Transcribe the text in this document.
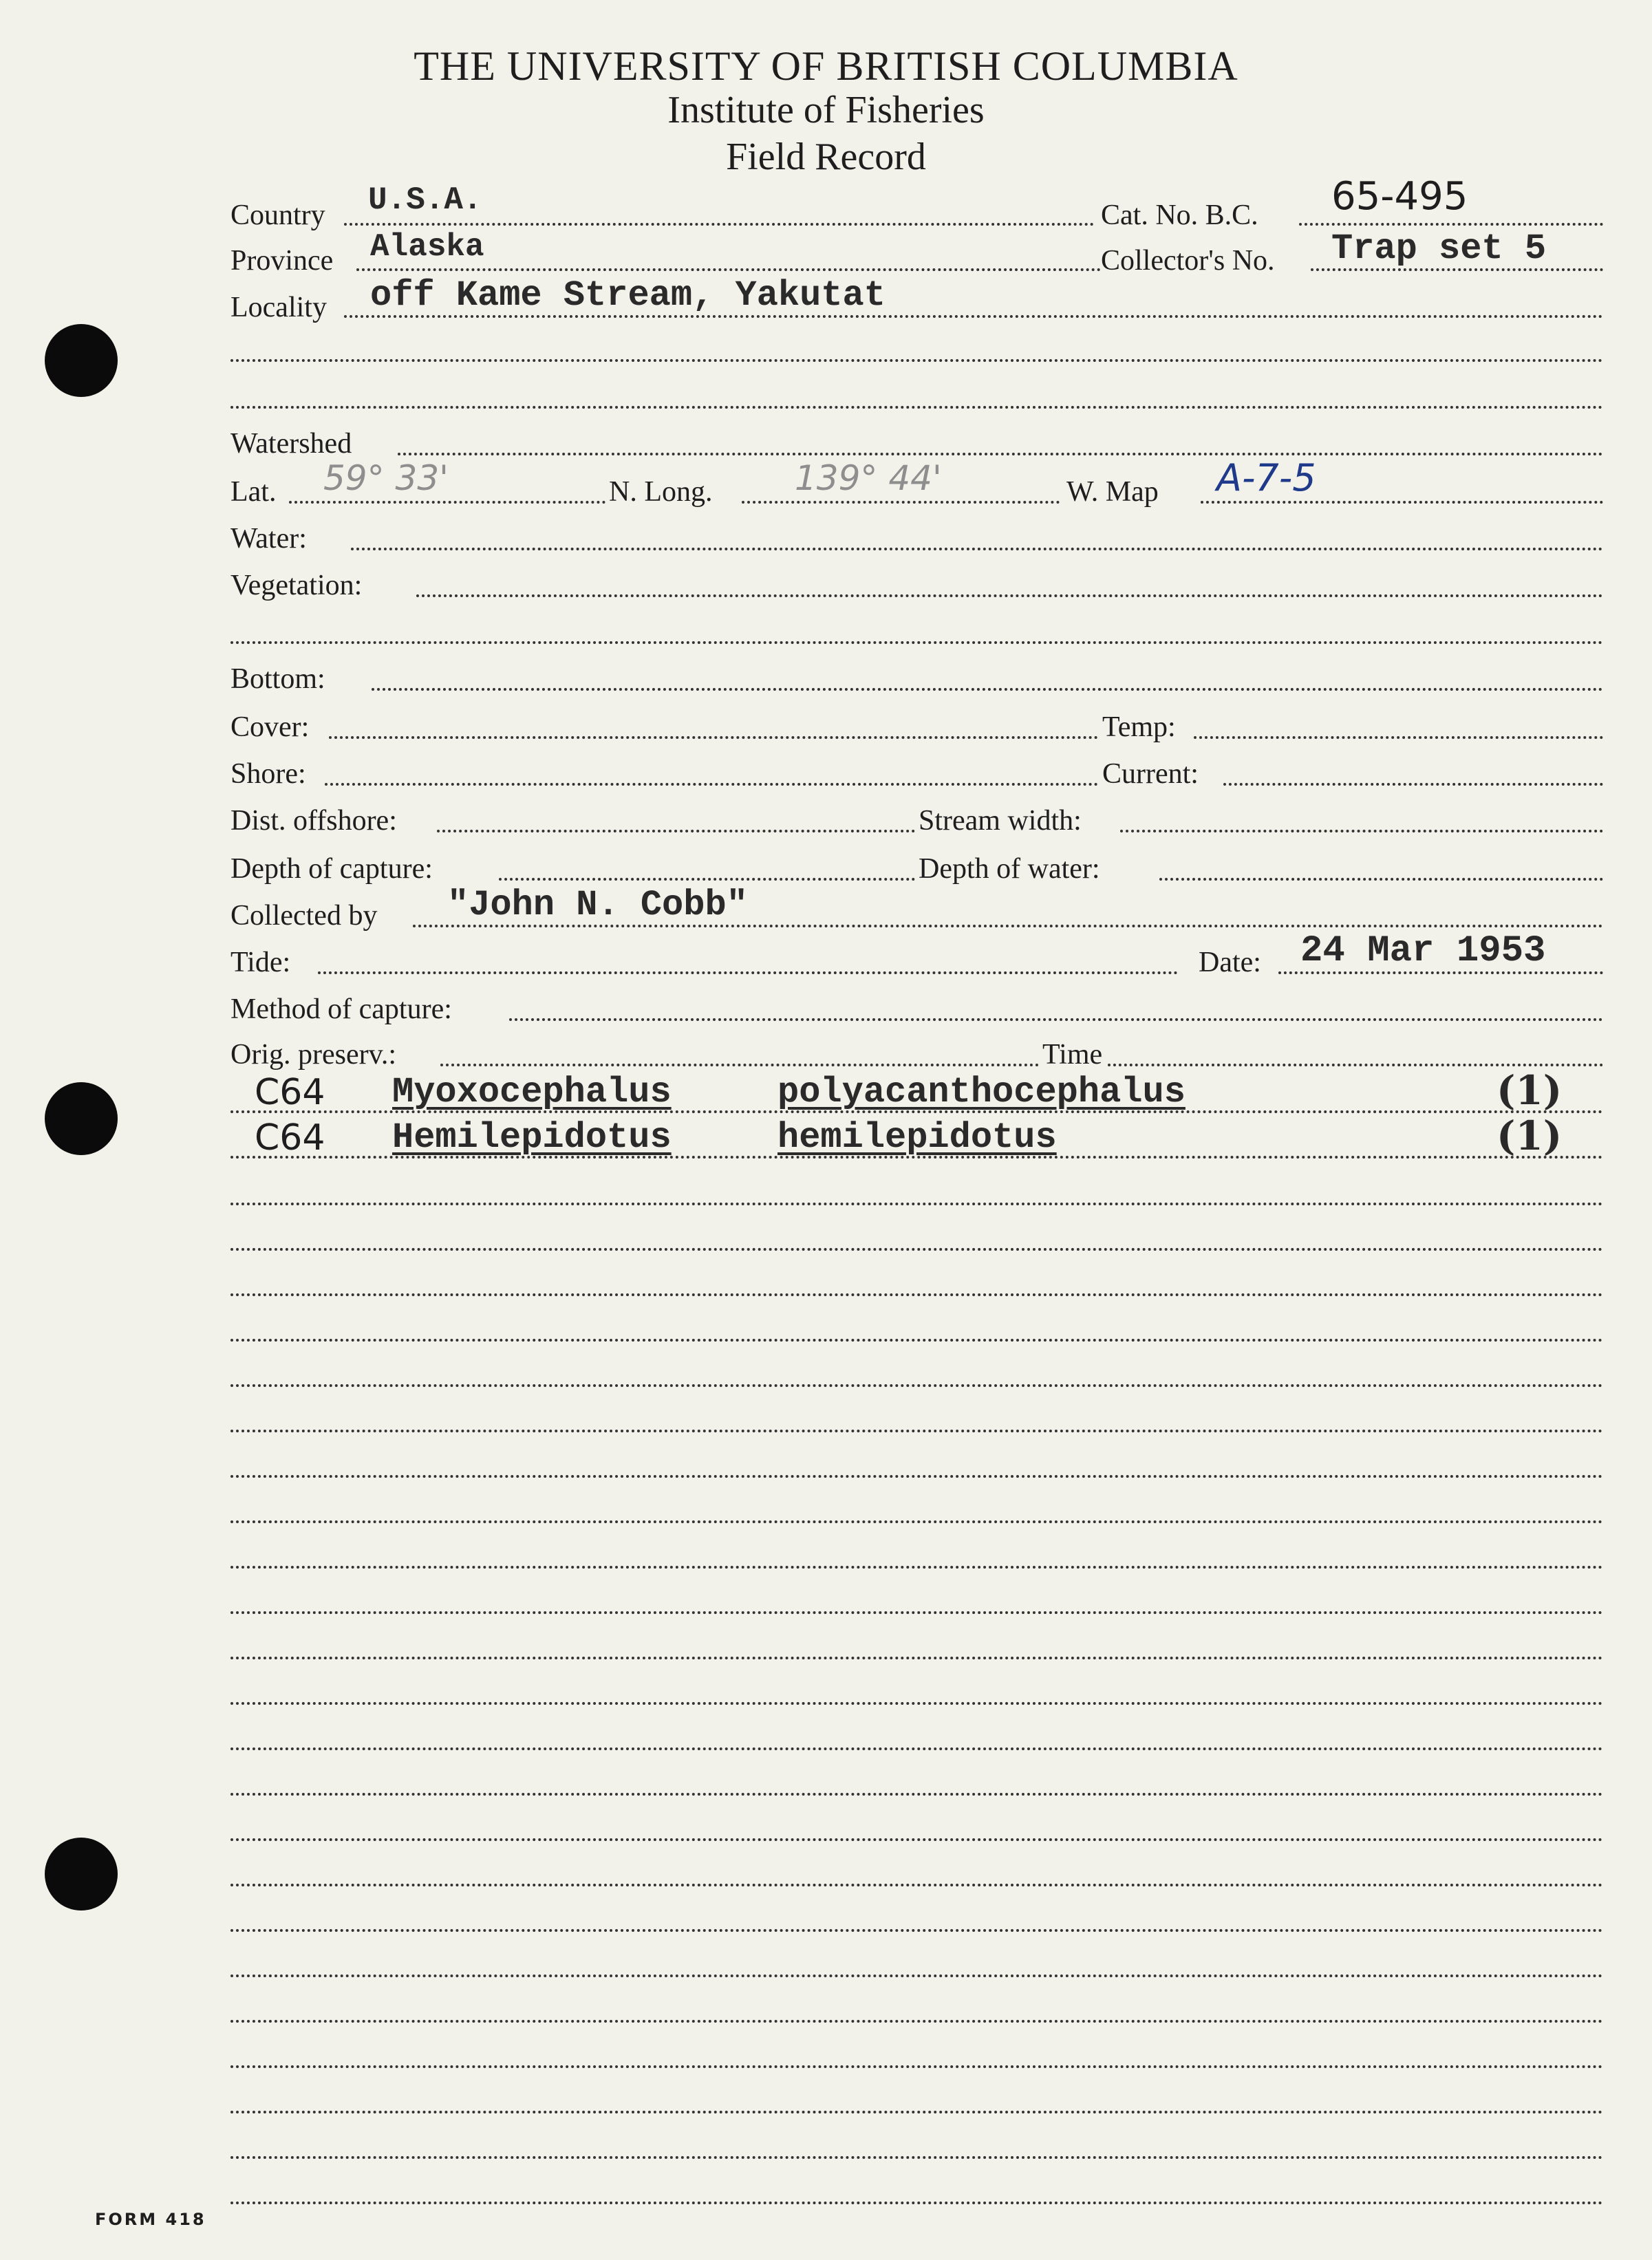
THE UNIVERSITY OF BRITISH COLUMBIA
Institute of Fisheries
Field Record
Country U.S.A.	Cat. No. B.C. 65-495
Province Alaska	Collector's No. Trap set 5
Locality off Kame Stream, Yakutat
Watershed
Lat. 59° 33'	N. Long. 139° 44'	W. Map A-7-5
Water:
Vegetation:
Bottom:
Cover:	Temp:
Shore:	Current:
Dist. offshore:	Stream width:
Depth of capture:	Depth of water:
Collected by "John N. Cobb"
Tide:	Date: 24 Mar 1953
Method of capture:
Orig. preserv.:	Time
C64 Myoxocephalus	polyacanthocephalus	(1)
C64 Hemilepidotus	hemilepidotus	(1)
FORM 418
